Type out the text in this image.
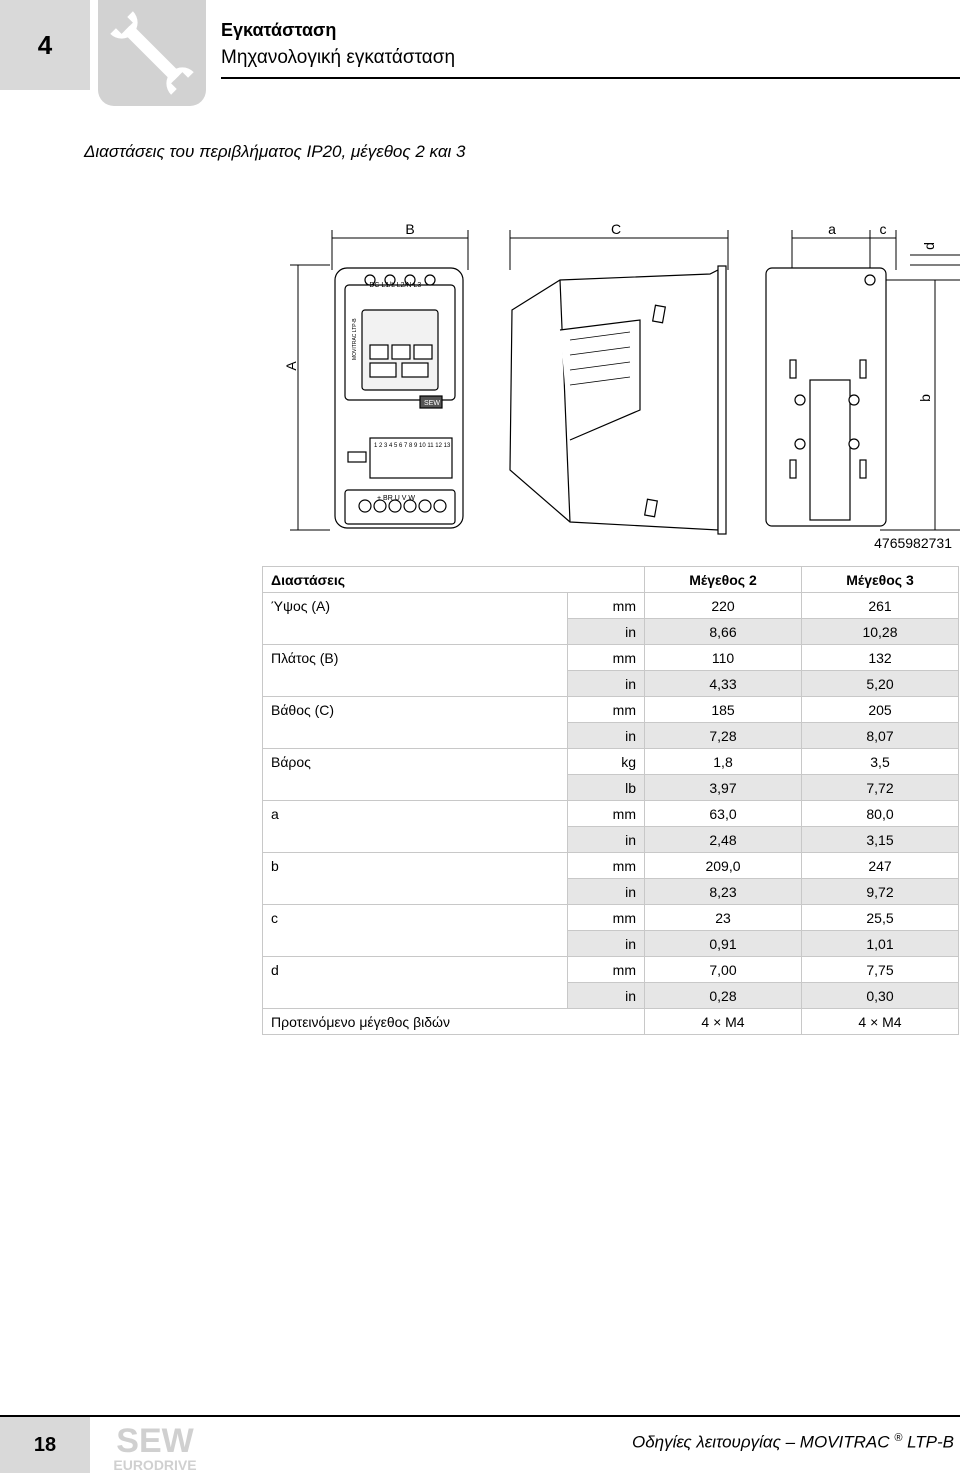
4	Εγκατάσταση
Μηχανολογική εγκατάσταση
Διαστάσεις του περιβλήματος IP20, μέγεθος 2 και 3
B	C	a	c
d
A
b
-DC L1/L L2/N L3
1 2 3 4 5 6 7 8 9 10 11 12 13
+ BR U V W
SEW
MOVITRAC LTP-B
4765982731
Διαστάσεις		Μέγεθος 2	Μέγεθος 3
Ύψος (A)	mm	220	261
	in	8,66	10,28
Πλάτος (B)	mm	110	132
	in	4,33	5,20
Βάθος (C)	mm	185	205
	in	7,28	8,07
Βάρος	kg	1,8	3,5
	lb	3,97	7,72
a	mm	63,0	80,0
	in	2,48	3,15
b	mm	209,0	247
	in	8,23	9,72
c	mm	23	25,5
	in	0,91	1,01
d	mm	7,00	7,75
	in	0,28	0,30
Προτεινόμενο μέγεθος βιδών		4 × M4	4 × M4
18	SEW
EURODRIVE
Οδηγίες λειτουργίας – MOVITRAC ® LTP-B
